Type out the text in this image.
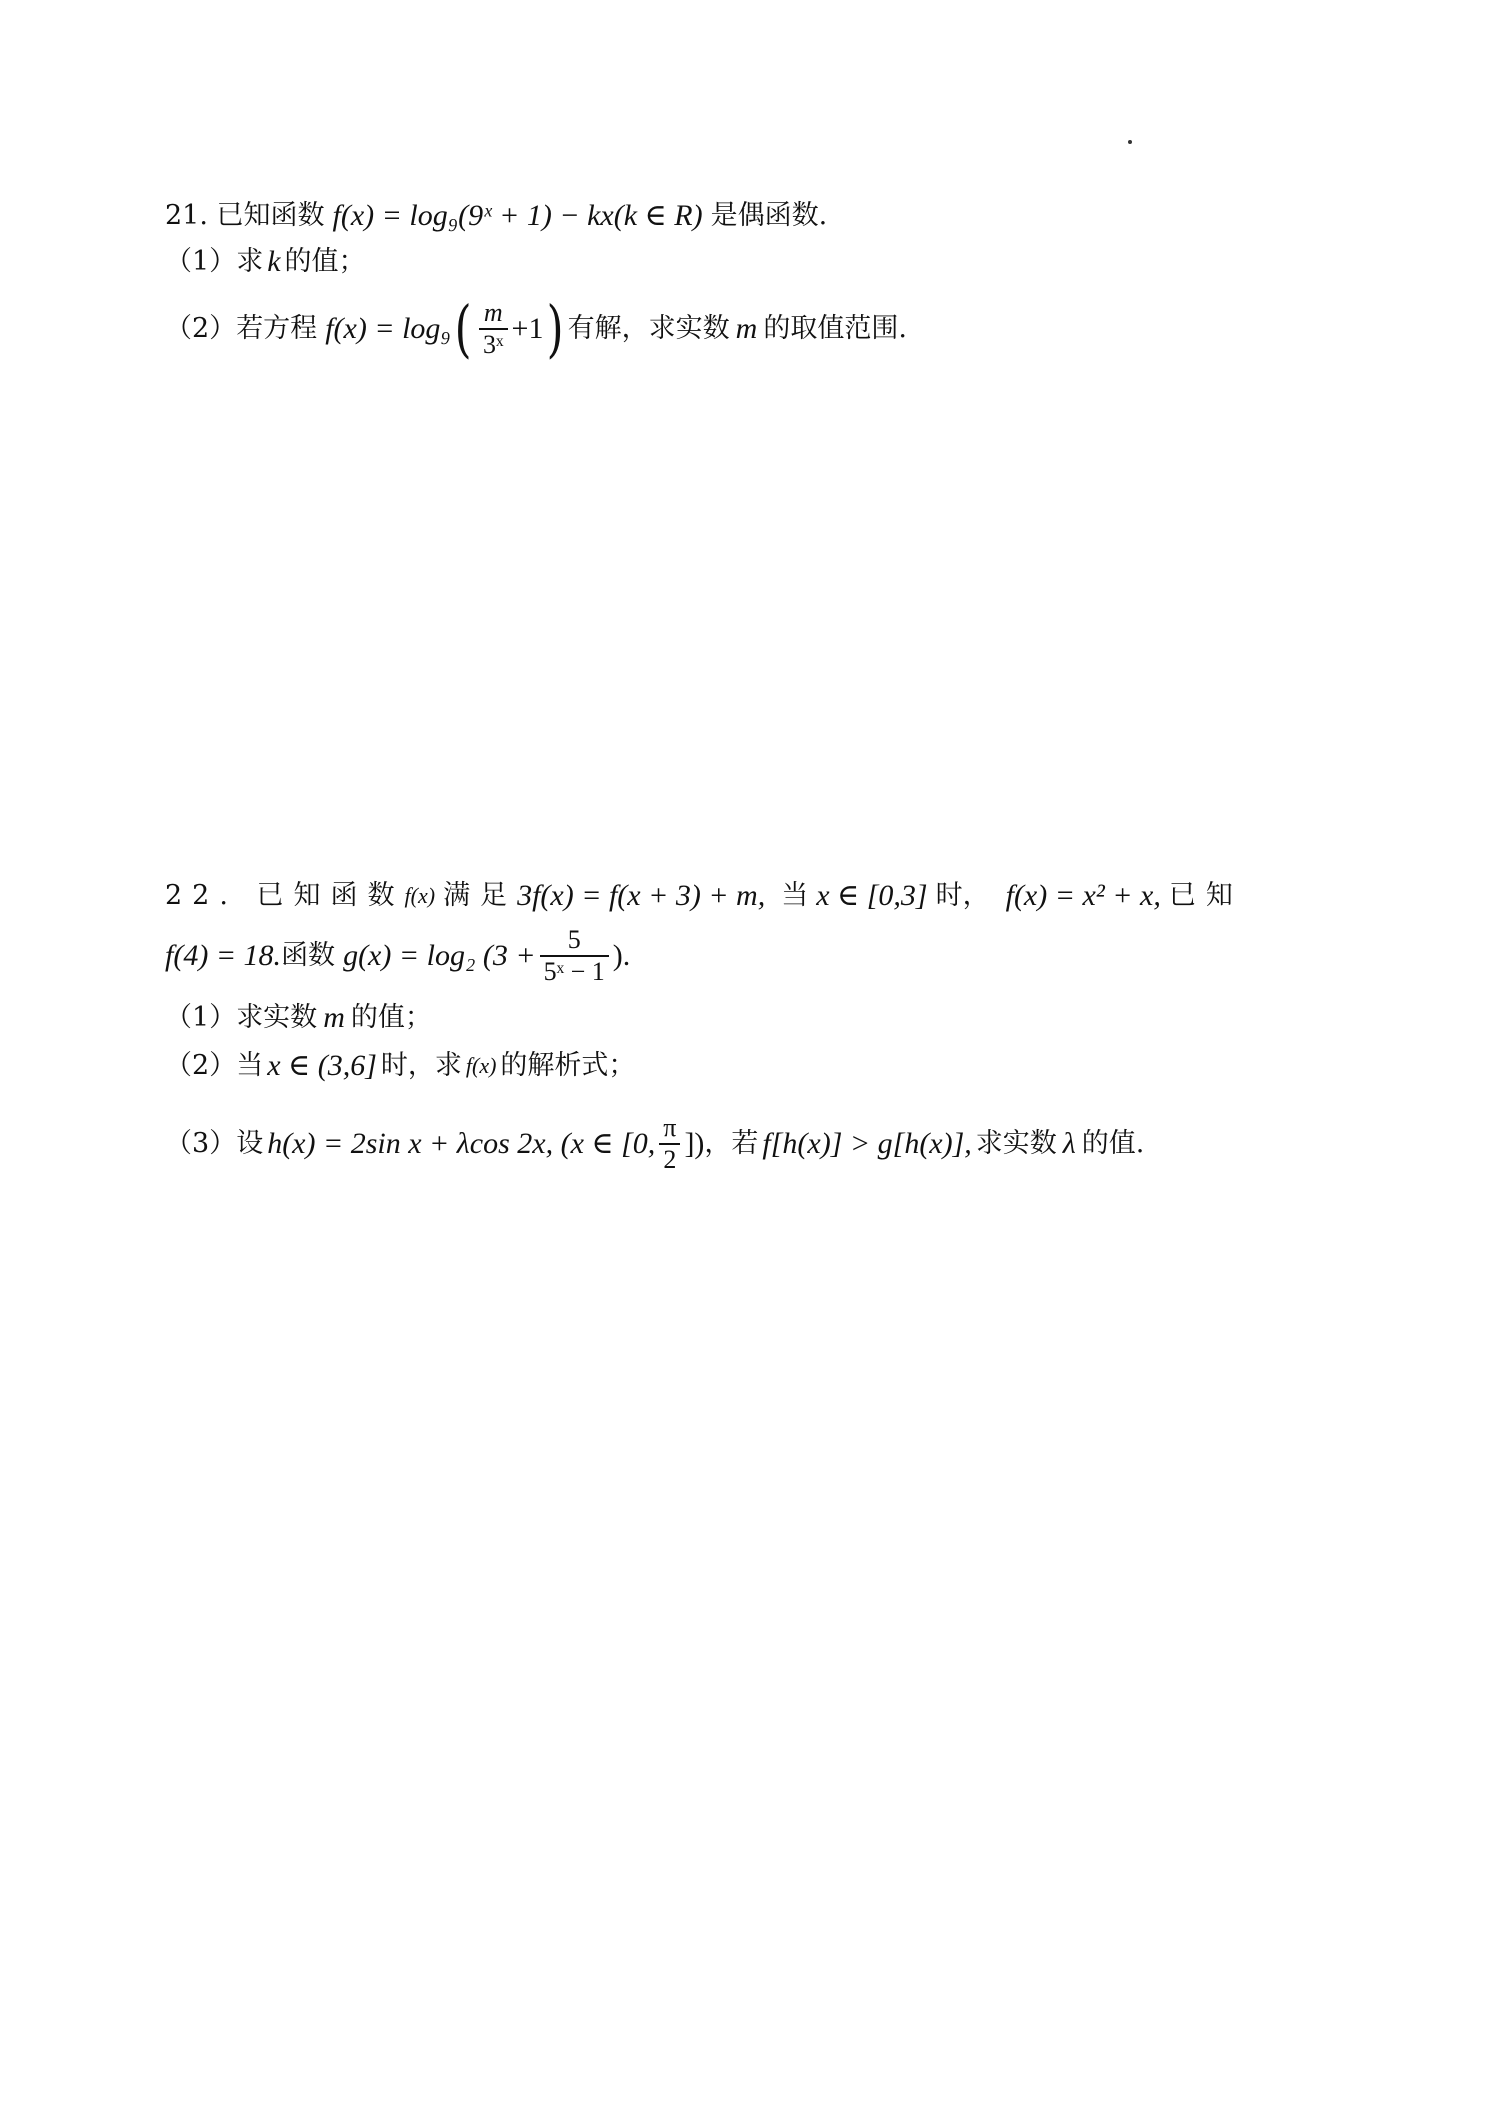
21. 已知函数 f(x) = log₉(9ˣ + 1) − kx(k ∈ R) 是偶函数.
（1） 求 k 的值；
（2） 若方程 f(x) = log₉ ( $\frac{m}{\text{3ˣ}} +1$ ) 有解，求实数 m 的取值范围.
22. 已知函数 f(x) 满足 3f(x) = f(x + 3) + m, 当 x ∈ [0,3] 时， f(x) = x² + x, 已知
f(4) = 18. 函数 g(x) = log₂ ($3 + \frac{5}{\text{5ˣ − 1}}$ ).
（1） 求实数 m 的值；
（2） 当 x ∈ (3,6] 时，求 f(x) 的解析式；
（3） 设 h(x) = 2sin x + λcos 2x, (x ∈ [0, $\frac{\pi}{2}$ ]) ，若 f[h(x)] > g[h(x)], 求实数 λ 的值.
